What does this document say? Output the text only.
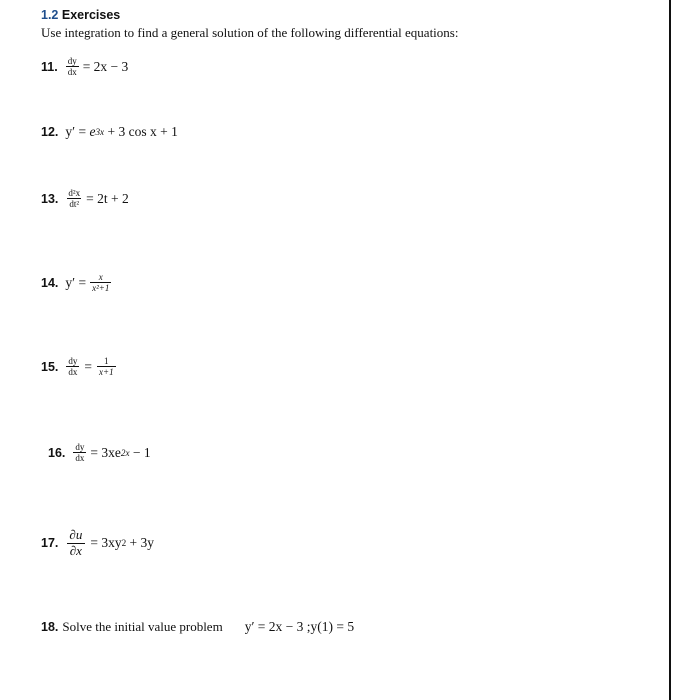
1.2 Exercises
Use integration to find a general solution of the following differential equations:
11. $\frac{dy}{dx} = 2x - 3$
12. y′ = e 3x + 3 cos x + 1
13. $\frac{\text{d²x}}{\text{dt²}} = 2t + 2$
14. $y' = \frac{x}{\text{x²+1}}$
15. $\frac{dy}{dx} = \frac{1}{x+1}$
16. $\frac{dy}{dx} = 3xe$ 2x − 1
17. $\frac{\partial u}{\partial x} = 3xy$ 2 + 3y
18. Solve the initial value problem y′ = 2x − 3 ;y(1) = 5
